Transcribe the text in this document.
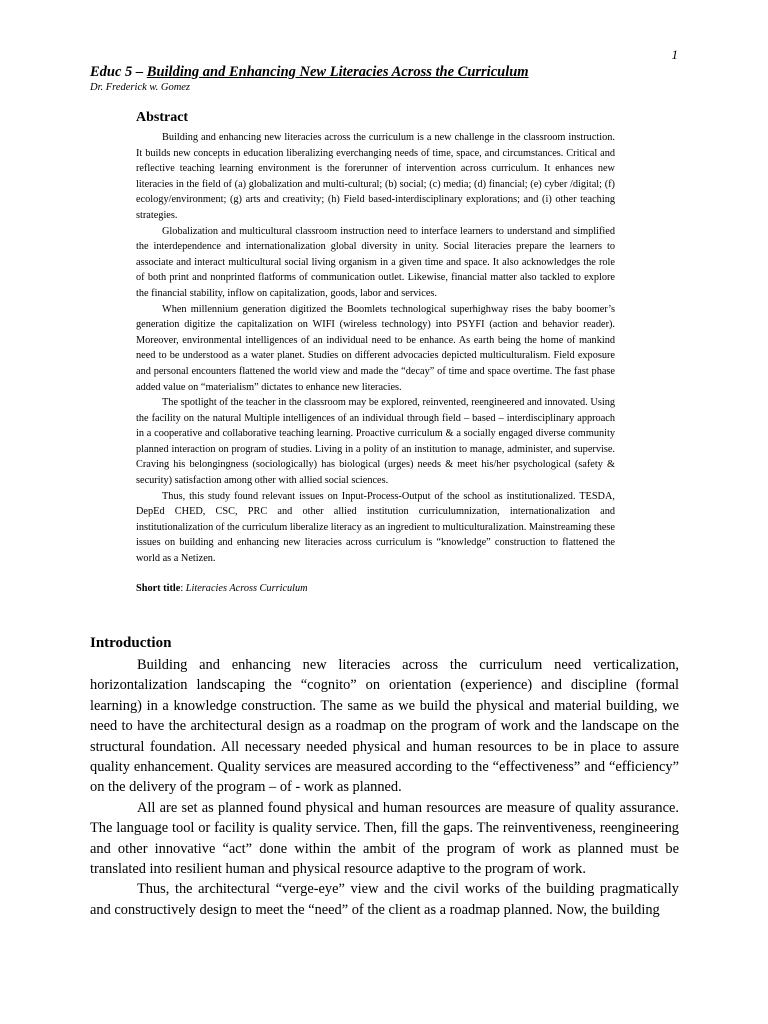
1
Educ 5 – Building and Enhancing New Literacies Across the Curriculum
Dr. Frederick w. Gomez
Abstract

Building and enhancing new literacies across the curriculum is a new challenge in the classroom instruction. It builds new concepts in education liberalizing everchanging needs of time, space, and circumstances. Critical and reflective teaching learning environment is the forerunner of intervention across curriculum. It enhances new literacies in the field of (a) globalization and multi-cultural; (b) social; (c) media; (d) financial; (e) cyber /digital; (f) ecology/environment; (g) arts and creativity; (h) Field based-interdisciplinary explorations; and (i) other teaching strategies.

Globalization and multicultural classroom instruction need to interface learners to understand and simplified the interdependence and internationalization global diversity in unity. Social literacies prepare the learners to associate and interact multicultural social living organism in a given time and space. It also acknowledges the role of both print and nonprinted flatforms of communication outlet. Likewise, financial matter also tackled to explore the financial stability, inflow on capitalization, goods, labor and services.

When millennium generation digitized the Boomlets technological superhighway rises the baby boomer’s generation digitize the capitalization on WIFI (wireless technology) into PSYFI (action and behavior reader). Moreover, environmental intelligences of an individual need to be enhance. As earth being the home of mankind need to be understood as a water planet. Studies on different advocacies depicted multiculturalism. Field exposure and personal encounters flattened the world view and made the “decay” of time and space overtime. The fast phase added value on “materialism” dictates to enhance new literacies.

The spotlight of the teacher in the classroom may be explored, reinvented, reengineered and innovated. Using the facility on the natural Multiple intelligences of an individual through field – based – interdisciplinary approach in a cooperative and collaborative teaching learning. Proactive curriculum & a socially engaged diverse community planned interaction on program of studies. Living in a polity of an institution to manage, administer, and supervise. Craving his belongingness (sociologically) has biological (urges) needs & meet his/her psychological (safety & security) satisfaction among other with allied social sciences.

Thus, this study found relevant issues on Input-Process-Output of the school as institutionalized. TESDA, DepEd CHED, CSC, PRC and other allied institution curriculumnization, internationalization and institutionalization of the curriculum liberalize literacy as an ingredient to multiculturalization. Mainstreaming these issues on building and enhancing new literacies across curriculum is “knowledge” construction to flattened the world as a Netizen.

Short title: Literacies Across Curriculum
Introduction

Building and enhancing new literacies across the curriculum need verticalization, horizontalization landscaping the “cognito” on orientation (experience) and discipline (formal learning) in a knowledge construction. The same as we build the physical and material building, we need to have the architectural design as a roadmap on the program of work and the landscape on the structural foundation. All necessary needed physical and human resources to be in place to assure quality enhancement. Quality services are measured according to the “effectiveness” and “efficiency” on the delivery of the program – of - work as planned.

All are set as planned found physical and human resources are measure of quality assurance. The language tool or facility is quality service. Then, fill the gaps. The reinventiveness, reengineering and other innovative “act” done within the ambit of the program of work as planned must be translated into resilient human and physical resource adaptive to the program of work.

Thus, the architectural “verge-eye” view and the civil works of the building pragmatically and constructively design to meet the “need” of the client as a roadmap planned. Now, the building
